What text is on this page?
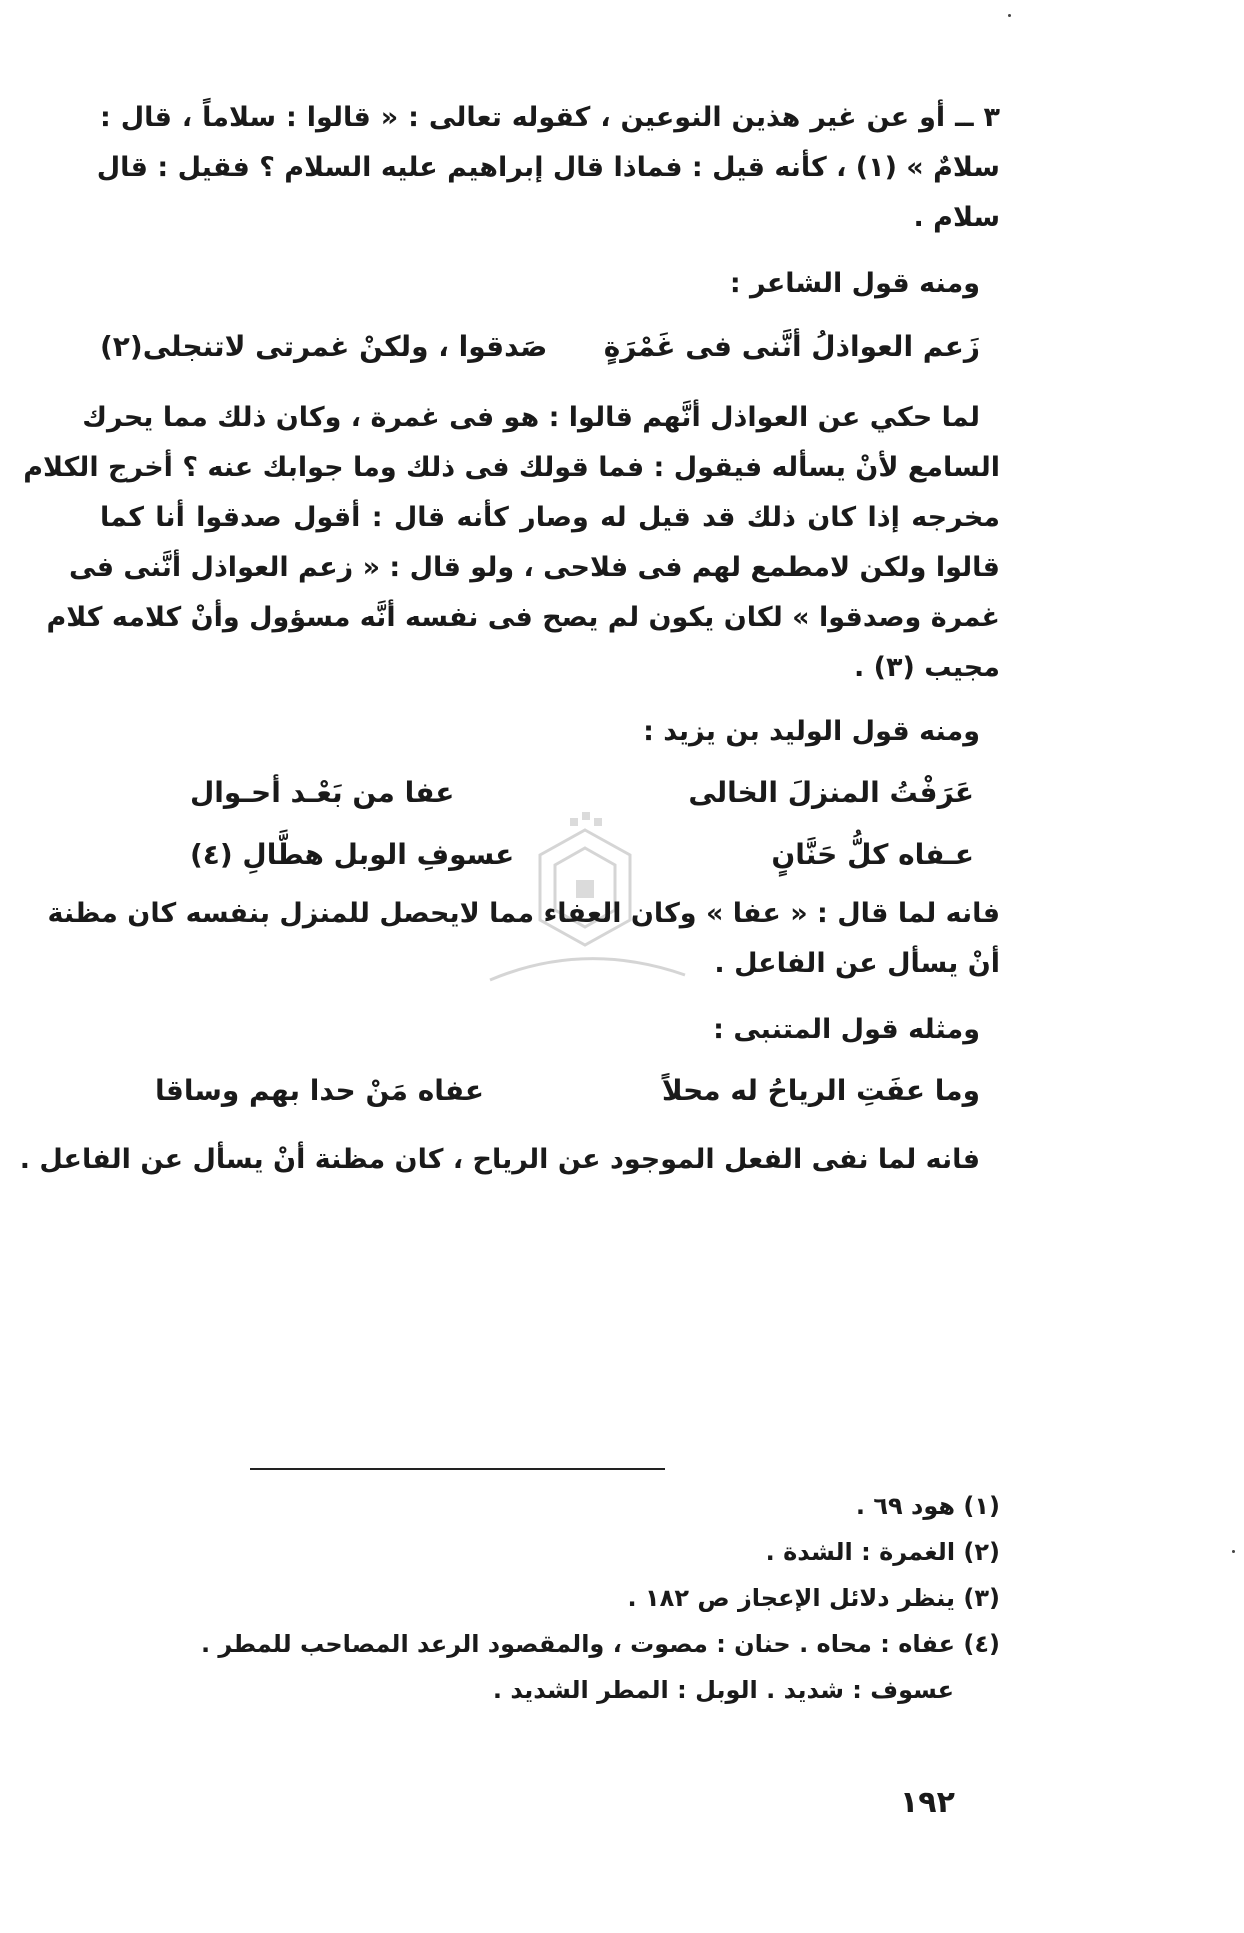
٣ ــ أو عن غير هذين النوعين ، كقوله تعالى : « قالوا : سلاماً ، قال :
سلامٌ » (١) ، كأنه قيل : فماذا قال إبراهيم عليه السلام ؟ فقيل : قال
سلام .
ومنه قول الشاعر :
زَعم العواذلُ أنَّنى فى غَمْرَةٍ
صَدقوا ، ولكنْ غمرتى لاتنجلى(٢)
لما حكي عن العواذل أنَّهم قالوا : هو فى غمرة ، وكان ذلك مما يحرك
السامع لأنْ يسأله فيقول : فما قولك فى ذلك وما جوابك عنه ؟ أخرج الكلام
مخرجه إذا كان ذلك قد قيل له وصار كأنه قال : أقول صدقوا أنا كما
قالوا ولكن لامطمع لهم فى فلاحى ، ولو قال : « زعم العواذل أنَّنى فى
غمرة وصدقوا » لكان يكون لم يصح فى نفسه أنَّه مسؤول وأنْ كلامه كلام
مجيب (٣) .
ومنه قول الوليد بن يزيد :
عَرَفْتُ المنزلَ الخالى
عفا من بَعْـد أحـوال
عـفاه كلُّ حَنَّانٍ
عسوفِ الوبل هطَّالِ (٤)
فانه لما قال : « عفا » وكان العفاء مما لايحصل للمنزل بنفسه كان مظنة
أنْ يسأل عن الفاعل .
ومثله قول المتنبى :
وما عفَتِ الرياحُ له محلاً
عفاه مَنْ حدا بهم وساقا
فانه لما نفى الفعل الموجود عن الرياح ، كان مظنة أنْ يسأل عن الفاعل .
(١) هود ٦٩ .
(٢) الغمرة : الشدة .
(٣) ينظر دلائل الإعجاز ص ١٨٢ .
(٤) عفاه : محاه . حنان : مصوت ، والمقصود الرعد المصاحب للمطر .
عسوف : شديد . الوبل : المطر الشديد .
١٩٢
